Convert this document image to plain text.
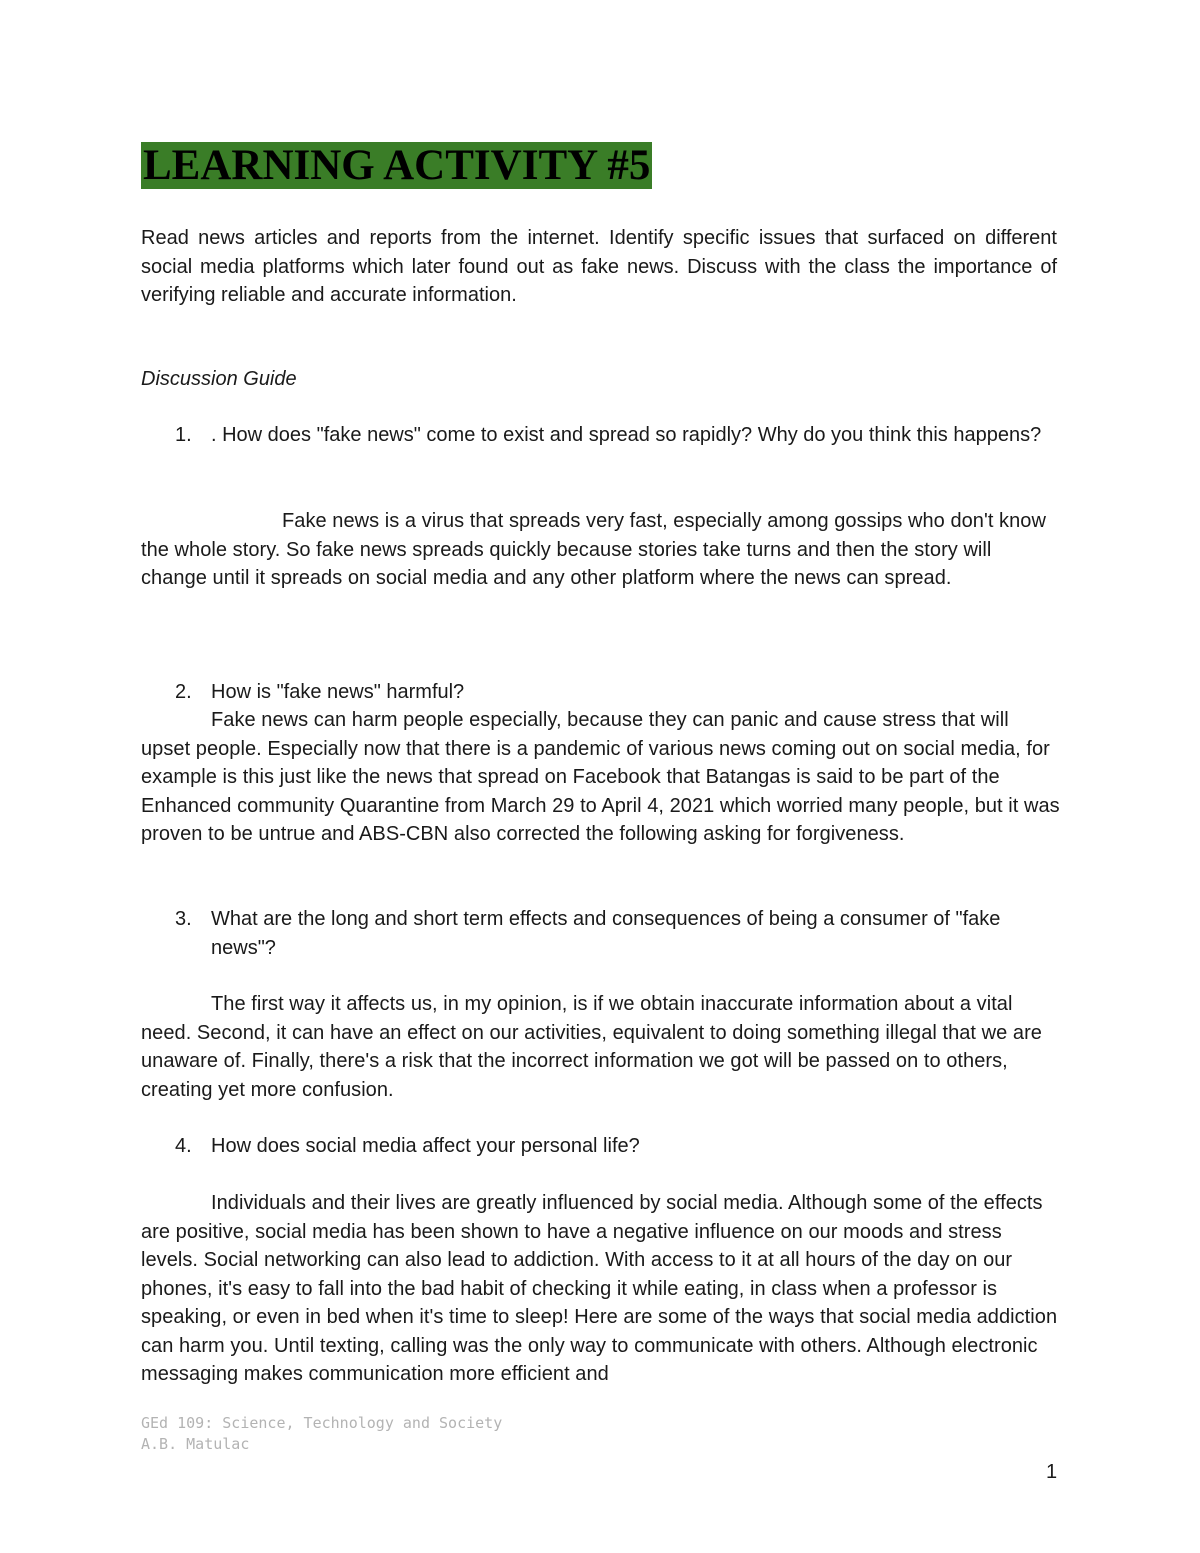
LEARNING ACTIVITY #5
Read news articles and reports from the internet. Identify specific issues that surfaced on different social media platforms which later found out as fake news. Discuss with the class the importance of verifying reliable and accurate information.
Discussion Guide
1. . How does "fake news" come to exist and spread so rapidly? Why do you think this happens?
Fake news is a virus that spreads very fast, especially among gossips who don't know the whole story. So fake news spreads quickly because stories take turns and then the story will change until it spreads on social media and any other platform where the news can spread.
2. How is "fake news" harmful?
Fake news can harm people especially, because they can panic and cause stress that will upset people. Especially now that there is a pandemic of various news coming out on social media, for example is this just like the news that spread on Facebook that Batangas is said to be part of the Enhanced community Quarantine from March 29 to April 4, 2021 which worried many people, but it was proven to be untrue and ABS-CBN also corrected the following asking for forgiveness.
3. What are the long and short term effects and consequences of being a consumer of "fake news"?
The first way it affects us, in my opinion, is if we obtain inaccurate information about a vital need. Second, it can have an effect on our activities, equivalent to doing something illegal that we are unaware of. Finally, there's a risk that the incorrect information we got will be passed on to others, creating yet more confusion.
4. How does social media affect your personal life?
Individuals and their lives are greatly influenced by social media. Although some of the effects are positive, social media has been shown to have a negative influence on our moods and stress levels. Social networking can also lead to addiction. With access to it at all hours of the day on our phones, it's easy to fall into the bad habit of checking it while eating, in class when a professor is speaking, or even in bed when it's time to sleep! Here are some of the ways that social media addiction can harm you. Until texting, calling was the only way to communicate with others. Although electronic messaging makes communication more efficient and
GEd 109: Science, Technology and Society
A.B. Matulac
1
